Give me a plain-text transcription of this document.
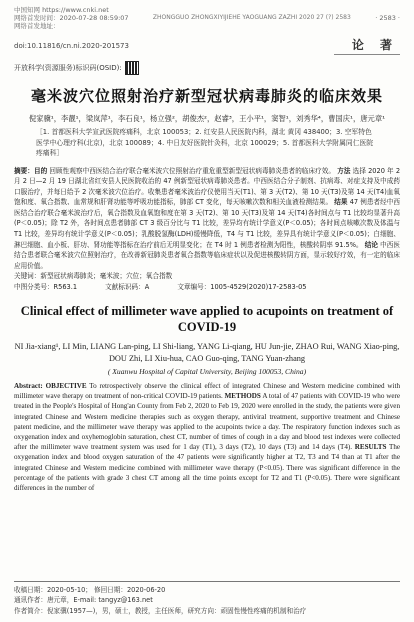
中国知网 https://www.cnki.net
网络首发时间：2020-07-28 08:59:07
网络首发地址：
ZHONGGUO ZHONGXIYIJIEHE YAOGUANG ZAZHI 2020 27 (?) 2583	· 2583 ·
doi:10.11816/cn.ni.2020-201573	论 著
开放科学(资源服务)标识码(OSID):
毫米波穴位照射治疗新型冠状病毒肺炎的临床效果
倪家骥¹，李靓¹，梁岚萍¹，李石良¹，杨立强²，胡俊杰²，赵睿³，王小平¹，窦智¹，刘秀华⁴，曹国庆¹，唐元章¹
［1. 首都医科大学宣武医院疼痛科，北京 100053；2. 红安县人民医院内科，湖北 黄冈 438400；3. 空军特色医学中心理疗科(北京)，北京 100089；4. 中日友好医院针灸科，北京 100029；5. 首都医科大学附属同仁医院疼痛科］
摘要：目的 回顾性观察中西医结合治疗联合毫米波穴位照射治疗重危重型新型冠状病毒肺炎患者的临床疗效。 方法 选择 2020 年 2 月 2 日—2 月 19 日湖北省红安县人民医院收治的 47 例新型冠状病毒肺炎患者。中西医结合分子制剂、抗病毒、对症支持及中成药口服治疗，并每日给予 2 次毫米波穴位治疗。收集患者毫米波治疗仪使用当天(T1)、第 3 天(T2)、第 10 天(T3)及第 14 天(T4)血氧饱和度、氧合指数、血常规和肝肾功能等呼吸功能指标，肺部 CT 变化，每天咳嗽次数和相关血液检测结果。 结果 47 例患者经中西医结合治疗联合毫米波治疗后，氧合指数及血氧饱和度在第 3 天(T2)、第 10 天(T3)及第 14 天(T4)各时间点与 T1 比较均显著升高(P＜0.05)；除 T2 外，各时间点患者肺部 CT 3 级百分比与 T1 比较，差异均有统计学意义(P＜0.05)；各时间点咳嗽次数及体温与 T1 比较，差异均有统计学意义(P＜0.05)；乳酸脱氢酶(LDH)缓慢降低，T4 与 T1 比较，差异具有统计学意义(P＜0.05)；白细胞、淋巴细胞、血小板、肝功、肾功能等指标在治疗前后无明显变化；在 T4 时 1 例患者检测为阳性，核酸转阴率 91.5%。 结论 中西医结合患者联合毫米波穴位照射治疗，在改善新冠肺炎患者氧合指数等临床症状以及促进核酸转阴方面，显示较好疗效，有一定的临床应用价值。
关键词：新型冠状病毒肺炎；毫米波；穴位；氧合指数
中图分类号：R563.1	文献标识码：A	文章编号：1005-4529(2020)17-2583-05
Clinical effect of millimeter wave applied to acupoints on treatment of COVID-19
NI Jia-xiang¹, LI Min, LIANG Lan-ping, LI Shi-liang, YANG Li-qiang, HU Jun-jie, ZHAO Rui, WANG Xiao-ping, DOU Zhi, LI Xiu-hua, CAO Guo-qing, TANG Yuan-zhang
( Xuanwu Hospital of Capital University, Beijing 100053, China)
Abstract: OBJECTIVE To retrospectively observe the clinical effect of integrated Chinese and Western medicine combined with millimeter wave therapy on treatment of non-critical COVID-19 patients. METHODS A total of 47 patients with COVID-19 who were treated in the People's Hospital of Hong'an County from Feb 2, 2020 to Feb 19, 2020 were enrolled in the study, the patients were given integrated Chinese and Western medicine therapies such as oxygen therapy, antiviral treatment, supportive treatment and Chinese patent medicine, and the millimeter wave therapy was applied to the acupoints twice a day. The respiratory function indexes such as oxygenation index and oxyhemoglobin saturation, chest CT, number of times of cough in a day and blood test indexes were collected after the millimeter wave treatment system was used for 1 day (T1), 3 days (T2), 10 days (T3) and 14 days (T4). RESULTS The oxygenation index and blood oxygen saturation of the 47 patients were significantly higher at T2, T3 and T4 than at T1 after the integrated Chinese and Western medicine combined with millimeter wave therapy (P<0.05). There was significant difference in the percentage of the patients with grade 3 chest CT among all the time points except for T2 and T1 (P<0.05). There were significant differences in the number of
收稿日期：2020-05-10； 修回日期：2020-06-20
通讯作者：唐元章，E-mail: tangyz@163.net
作者简介：倪家骥(1957—)，男，硕士，教授，主任医师，研究方向：顽固性慢性疼痛的机制和治疗
